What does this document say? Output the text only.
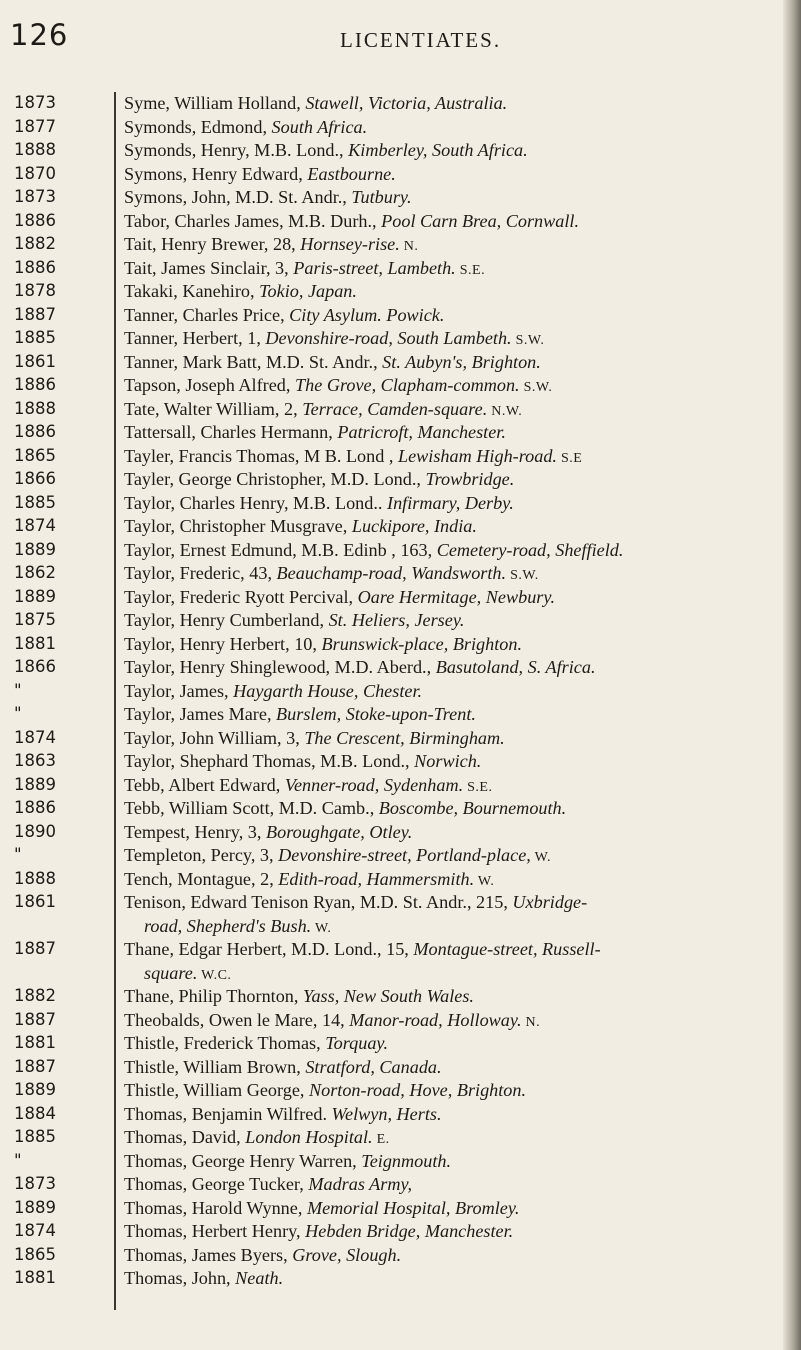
126	LICENTIATES.
1873	Syme, William Holland, Stawell, Victoria, Australia.
1877	Symonds, Edmond, South Africa.
1888	Symonds, Henry, M.B. Lond., Kimberley, South Africa.
1870	Symons, Henry Edward, Eastbourne.
1873	Symons, John, M.D. St. Andr., Tutbury.
1886	Tabor, Charles James, M.B. Durh., Pool Carn Brea, Cornwall.
1882	Tait, Henry Brewer, 28, Hornsey-rise. N.
1886	Tait, James Sinclair, 3, Paris-street, Lambeth. S.E.
1878	Takaki, Kanehiro, Tokio, Japan.
1887	Tanner, Charles Price, City Asylum. Powick.
1885	Tanner, Herbert, 1, Devonshire-road, South Lambeth. S.W.
1861	Tanner, Mark Batt, M.D. St. Andr., St. Aubyn's, Brighton.
1886	Tapson, Joseph Alfred, The Grove, Clapham-common. S.W.
1888	Tate, Walter William, 2, Terrace, Camden-square. N.W.
1886	Tattersall, Charles Hermann, Patricroft, Manchester.
1865	Tayler, Francis Thomas, M B. Lond , Lewisham High-road. S.E
1866	Tayler, George Christopher, M.D. Lond., Trowbridge.
1885	Taylor, Charles Henry, M.B. Lond.. Infirmary, Derby.
1874	Taylor, Christopher Musgrave, Luckipore, India.
1889	Taylor, Ernest Edmund, M.B. Edinb , 163, Cemetery-road, Sheffield.
1862	Taylor, Frederic, 43, Beauchamp-road, Wandsworth. S.W.
1889	Taylor, Frederic Ryott Percival, Oare Hermitage, Newbury.
1875	Taylor, Henry Cumberland, St. Heliers, Jersey.
1881	Taylor, Henry Herbert, 10, Brunswick-place, Brighton.
1866	Taylor, Henry Shinglewood, M.D. Aberd., Basutoland, S. Africa.
"	Taylor, James, Haygarth House, Chester.
"	Taylor, James Mare, Burslem, Stoke-upon-Trent.
1874	Taylor, John William, 3, The Crescent, Birmingham.
1863	Taylor, Shephard Thomas, M.B. Lond., Norwich.
1889	Tebb, Albert Edward, Venner-road, Sydenham. S.E.
1886	Tebb, William Scott, M.D. Camb., Boscombe, Bournemouth.
1890	Tempest, Henry, 3, Boroughgate, Otley.
"	Templeton, Percy, 3, Devonshire-street, Portland-place, W.
1888	Tench, Montague, 2, Edith-road, Hammersmith. W.
1861	Tenison, Edward Tenison Ryan, M.D. St. Andr., 215, Uxbridge-
road, Shepherd's Bush. W.
1887	Thane, Edgar Herbert, M.D. Lond., 15, Montague-street, Russell-
square. W.C.
1882	Thane, Philip Thornton, Yass, New South Wales.
1887	Theobalds, Owen le Mare, 14, Manor-road, Holloway. N.
1881	Thistle, Frederick Thomas, Torquay.
1887	Thistle, William Brown, Stratford, Canada.
1889	Thistle, William George, Norton-road, Hove, Brighton.
1884	Thomas, Benjamin Wilfred. Welwyn, Herts.
1885	Thomas, David, London Hospital. E.
"	Thomas, George Henry Warren, Teignmouth.
1873	Thomas, George Tucker, Madras Army,
1889	Thomas, Harold Wynne, Memorial Hospital, Bromley.
1874	Thomas, Herbert Henry, Hebden Bridge, Manchester.
1865	Thomas, James Byers, Grove, Slough.
1881	Thomas, John, Neath.
